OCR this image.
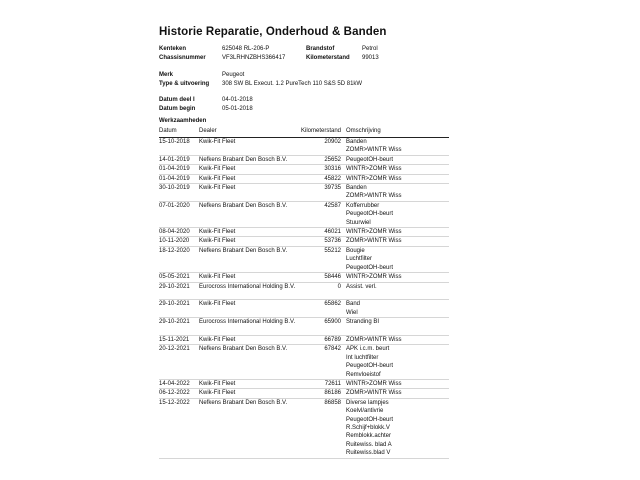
Historie Reparatie, Onderhoud & Banden
Kenteken	625048 RL-206-P	Brandstof	Petrol
Chassisnummer	VF3LRHNZBHS366417	Kilometerstand 99013
Merk	Peugeot
Type & uitvoering 308 SW BL Execut. 1.2 PureTech 110 S&S 5D 81kW
Datum deel I	04-01-2018
Datum begin	05-01-2018
Werkzaamheden
Datum	Dealer	Kilometerstand Omschrijving
15-10-2018 Kwik-Fit Fleet	20902 Banden
ZOMR>WINTR Wiss
14-01-2019 Nefkens Brabant Den Bosch B.V.	25652 PeugeotOH-beurt
01-04-2019 Kwik-Fit Fleet	30316 WINTR>ZOMR Wiss
01-04-2019 Kwik-Fit Fleet	45822 WINTR>ZOMR Wiss
30-10-2019 Kwik-Fit Fleet	39735 Banden
ZOMR>WINTR Wiss
07-01-2020 Nefkens Brabant Den Bosch B.V.	42587 Kofferrubber
PeugeotOH-beurt
Stuurwiel
08-04-2020 Kwik-Fit Fleet	46021 WINTR>ZOMR Wiss
10-11-2020 Kwik-Fit Fleet	53736 ZOMR>WINTR Wiss
18-12-2020 Nefkens Brabant Den Bosch B.V.	55212 Bougie
Luchtfilter
PeugeotOH-beurt
05-05-2021 Kwik-Fit Fleet	58446 WINTR>ZOMR Wiss
29-10-2021 Eurocross International Holding B.V.	0 Assist. verl.

29-10-2021 Kwik-Fit Fleet	65862 Band
Wiel
29-10-2021 Eurocross International Holding B.V.	65900 Stranding BI

15-11-2021 Kwik-Fit Fleet	66789 ZOMR>WINTR Wiss
20-12-2021 Nefkens Brabant Den Bosch B.V.	67842 APK i.c.m. beurt
Int luchtfilter
PeugeotOH-beurt
Remvloeistof
14-04-2022 Kwik-Fit Fleet	72611 WINTR>ZOMR Wiss
06-12-2022 Kwik-Fit Fleet	86186 ZOMR>WINTR Wiss
15-12-2022 Nefkens Brabant Den Bosch B.V.	86858 Diverse lampjes
Koelvl/antivrie
PeugeotOH-beurt
R.Schijf+blokk.V
Remblokk.achter
Ruitewiss. blad A
Ruitewiss.blad V
